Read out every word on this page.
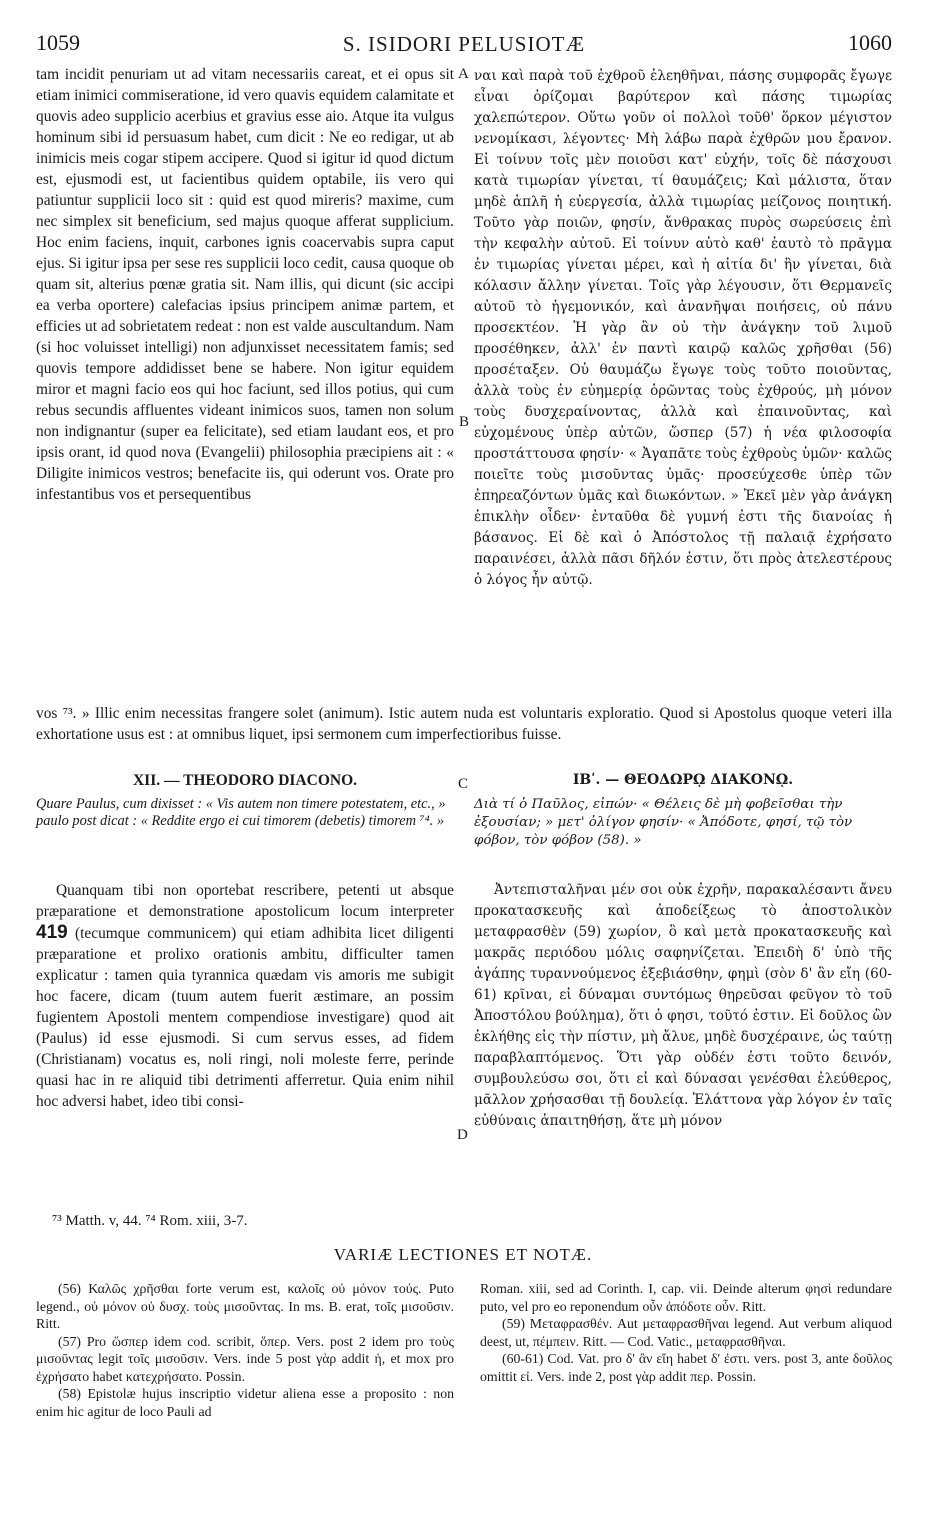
1059	S. ISIDORI PELUSIOTÆ	1060

tam incidit penuriam ut ad vitam necessariis careat, et ei opus sit etiam inimici commiseratione, id vero quavis equidem calamitate et quovis adeo supplicio acerbius et gravius esse aio. Atque ita vulgus hominum sibi id persuasum habet, cum dicit : Ne eo redigar, ut ab inimicis meis cogar stipem accipere. Quod si igitur id quod dictum est, ejusmodi est, ut facientibus quidem optabile, iis vero qui patiuntur supplicii loco sit : quid est quod mireris? maxime, cum nec simplex sit beneficium, sed majus quoque afferat supplicium. Hoc enim faciens, inquit, carbones ignis coacervabis supra caput ejus. Si igitur ipsa per sese res supplicii loco cedit, causa quoque ob quam sit, alterius pœnæ gratia sit. Nam illis, qui dicunt (sic accipi ea verba oportere) calefacias ipsius principem animæ partem, et efficies ut ad sobrietatem redeat : non est valde auscultandum. Nam (si hoc voluisset intelligi) non adjunxisset necessitatem famis; sed quovis tempore addidisset bene se habere. Non igitur equidem miror et magni facio eos qui hoc faciunt, sed illos potius, qui cum rebus secundis affluentes videant inimicos suos, tamen non solum non indignantur (super ea felicitate), sed etiam laudant eos, et pro ipsis orant, id quod nova (Evangelii) philosophia præcipiens ait : « Diligite inimicos vestros; benefacite iis, qui oderunt vos. Orate pro infestantibus vos et persequentibus

A
B

ναι καὶ παρὰ τοῦ ἐχθροῦ ἐλεηθῆναι, πάσης συμφορᾶς ἔγωγε εἶναι ὁρίζομαι βαρύτερον καὶ πάσης τιμωρίας χαλεπώτερον. Οὕτω γοῦν οἱ πολλοὶ τοῦθ' ὅρκον μέγιστον νενομίκασι, λέγοντες· Μὴ λάβω παρὰ ἐχθρῶν μου ἔρανον. Εἰ τοίνυν τοῖς μὲν ποιοῦσι κατ' εὐχήν, τοῖς δὲ πάσχουσι κατὰ τιμωρίαν γίνεται, τί θαυμάζεις; Καὶ μάλιστα, ὅταν μηδὲ ἁπλῆ ἡ εὐεργεσία, ἀλλὰ τιμωρίας μείζονος ποιητική. Τοῦτο γὰρ ποιῶν, φησίν, ἄνθρακας πυρὸς σωρεύσεις ἐπὶ τὴν κεφαλὴν αὐτοῦ. Εἰ τοίνυν αὐτὸ καθ' ἑαυτὸ τὸ πρᾶγμα ἐν τιμωρίας γίνεται μέρει, καὶ ἡ αἰτία δι' ἣν γίνεται, διὰ κόλασιν ἄλλην γίνεται. Τοῖς γὰρ λέγουσιν, ὅτι Θερμανεῖς αὐτοῦ τὸ ἡγεμονικόν, καὶ ἀνανῆψαι ποιήσεις, οὐ πάνυ προσεκτέον. Ἡ γὰρ ἂν οὐ τὴν ἀνάγκην τοῦ λιμοῦ προσέθηκεν, ἀλλ' ἐν παντὶ καιρῷ καλῶς χρῆσθαι (56) προσέταξεν. Οὐ θαυμάζω ἔγωγε τοὺς τοῦτο ποιοῦντας, ἀλλὰ τοὺς ἐν εὐημερίᾳ ὁρῶντας τοὺς ἐχθρούς, μὴ μόνον τοὺς δυσχεραίνοντας, ἀλλὰ καὶ ἐπαινοῦντας, καὶ εὐχομένους ὑπὲρ αὐτῶν, ὥσπερ (57) ἡ νέα φιλοσοφία προστάττουσα φησίν· « Ἀγαπᾶτε τοὺς ἐχθροὺς ὑμῶν· καλῶς ποιεῖτε τοὺς μισοῦντας ὑμᾶς· προσεύχεσθε ὑπὲρ τῶν ἐπηρεαζόντων ὑμᾶς καὶ διωκόντων. » Ἐκεῖ μὲν γὰρ ἀνάγκη ἐπικλὴν οἶδεν· ἐνταῦθα δὲ γυμνή ἐστι τῆς διανοίας ἡ βάσανος. Εἰ δὲ καὶ ὁ Ἀπόστολος τῇ παλαιᾷ ἐχρήσατο παραινέσει, ἀλλὰ πᾶσι δῆλόν ἐστιν, ὅτι πρὸς ἀτελεστέρους ὁ λόγος ἦν αὐτῷ.

vos ⁷³. » Illic enim necessitas frangere solet (animum). Istic autem nuda est voluntaris exploratio. Quod si Apostolus quoque veteri illa exhortatione usus est : at omnibus liquet, ipsi sermonem cum imperfectioribus fuisse.
XII. — THEODORO DIACONO.	C	ΙΒʹ. — ΘΕΟΔΩΡῼ ΔΙΑΚΟΝῼ.
Quare Paulus, cum dixisset : « Vis autem non timere potestatem, etc., » paulo post dicat : « Reddite ergo ei cui timorem (debetis) timorem ⁷⁴. »
Διὰ τί ὁ Παῦλος, εἰπών· « Θέλεις δὲ μὴ φοβεῖσθαι τὴν ἐξουσίαν; » μετ' ὀλίγον φησίν· « Ἀπόδοτε, φησί, τῷ τὸν φόβον, τὸν φόβον (58). »

Quanquam tibi non oportebat rescribere, petenti ut absque præparatione et demonstratione apostolicum locum interpreter 419 (tecumque communicem) qui etiam adhibita licet diligenti præparatione et prolixo orationis ambitu, difficulter tamen explicatur : tamen quia tyrannica quædam vis amoris me subigit hoc facere, dicam (tuum autem fuerit æstimare, an possim fugientem Apostoli mentem compendiose investigare) quod ait (Paulus) id esse ejusmodi. Si cum servus esses, ad fidem (Christianam) vocatus es, noli ringi, noli moleste ferre, perinde quasi hac in re aliquid tibi detrimenti afferretur. Quia enim nihil hoc adversi habet, ideo tibi consi-

D

Ἀντεπισταλῆναι μέν σοι οὐκ ἐχρῆν, παρακαλέσαντι ἄνευ προκατασκευῆς καὶ ἀποδείξεως τὸ ἀποστολικὸν μεταφρασθὲν (59) χωρίον, ὃ καὶ μετὰ προκατασκευῆς καὶ μακρᾶς περιόδου μόλις σαφηνίζεται. Ἐπειδὴ δ' ὑπὸ τῆς ἀγάπης τυραννούμενος ἐξεβιάσθην, φημὶ (σὸν δ' ἂν εἴη (60-61) κρῖναι, εἰ δύναμαι συντόμως θηρεῦσαι φεῦγον τὸ τοῦ Ἀποστόλου βούλημα), ὅτι ὁ φησι, τοῦτό ἐστιν. Εἰ δοῦλος ὢν ἐκλήθης εἰς τὴν πίστιν, μὴ ἄλυε, μηδὲ δυσχέραινε, ὡς ταύτῃ παραβλαπτόμενος. Ὅτι γὰρ οὐδέν ἐστι τοῦτο δεινόν, συμβουλεύσω σοι, ὅτι εἰ καὶ δύνασαι γενέσθαι ἐλεύθερος, μᾶλλον χρήσασθαι τῇ δουλείᾳ. Ἐλάττονα γὰρ λόγον ἐν ταῖς εὐθύναις ἀπαιτηθήσῃ, ἅτε μὴ μόνον

⁷³ Matth. v, 44. ⁷⁴ Rom. xiii, 3-7.
VARIÆ LECTIONES ET NOTÆ.

(56) Καλῶς χρῆσθαι forte verum est, καλοῖς οὐ μόνον τούς. Puto legend., οὐ μόνον οὐ δυσχ. τοὺς μισοῦντας. In ms. B. erat, τοῖς μισοῦσιν. Ritt.

(57) Pro ὥσπερ idem cod. scribit, ὅπερ. Vers. post 2 idem pro τοὺς μισοῦντας legit τοῖς μισοῦσιν. Vers. inde 5 post γὰρ addit ἡ, et mox pro ἐχρήσατο habet κατεχρήσατο. Possin.

(58) Epistolæ hujus inscriptio videtur aliena esse a proposito : non enim hic agitur de loco Pauli ad

Roman. xiii, sed ad Corinth. I, cap. vii. Deinde alterum φησὶ redundare puto, vel pro eo reponendum οὖν ἀπόδοτε οὖν. Ritt.

(59) Μεταφρασθέν. Aut μεταφρασθῆναι legend. Aut verbum aliquod deest, ut, πέμπειν. Ritt. — Cod. Vatic., μεταφρασθῆναι.

(60-61) Cod. Vat. pro δ' ἂν εἴη habet δ' ἐστι. vers. post 3, ante δοῦλος omittit εἰ. Vers. inde 2, post γὰρ addit περ. Possin.
